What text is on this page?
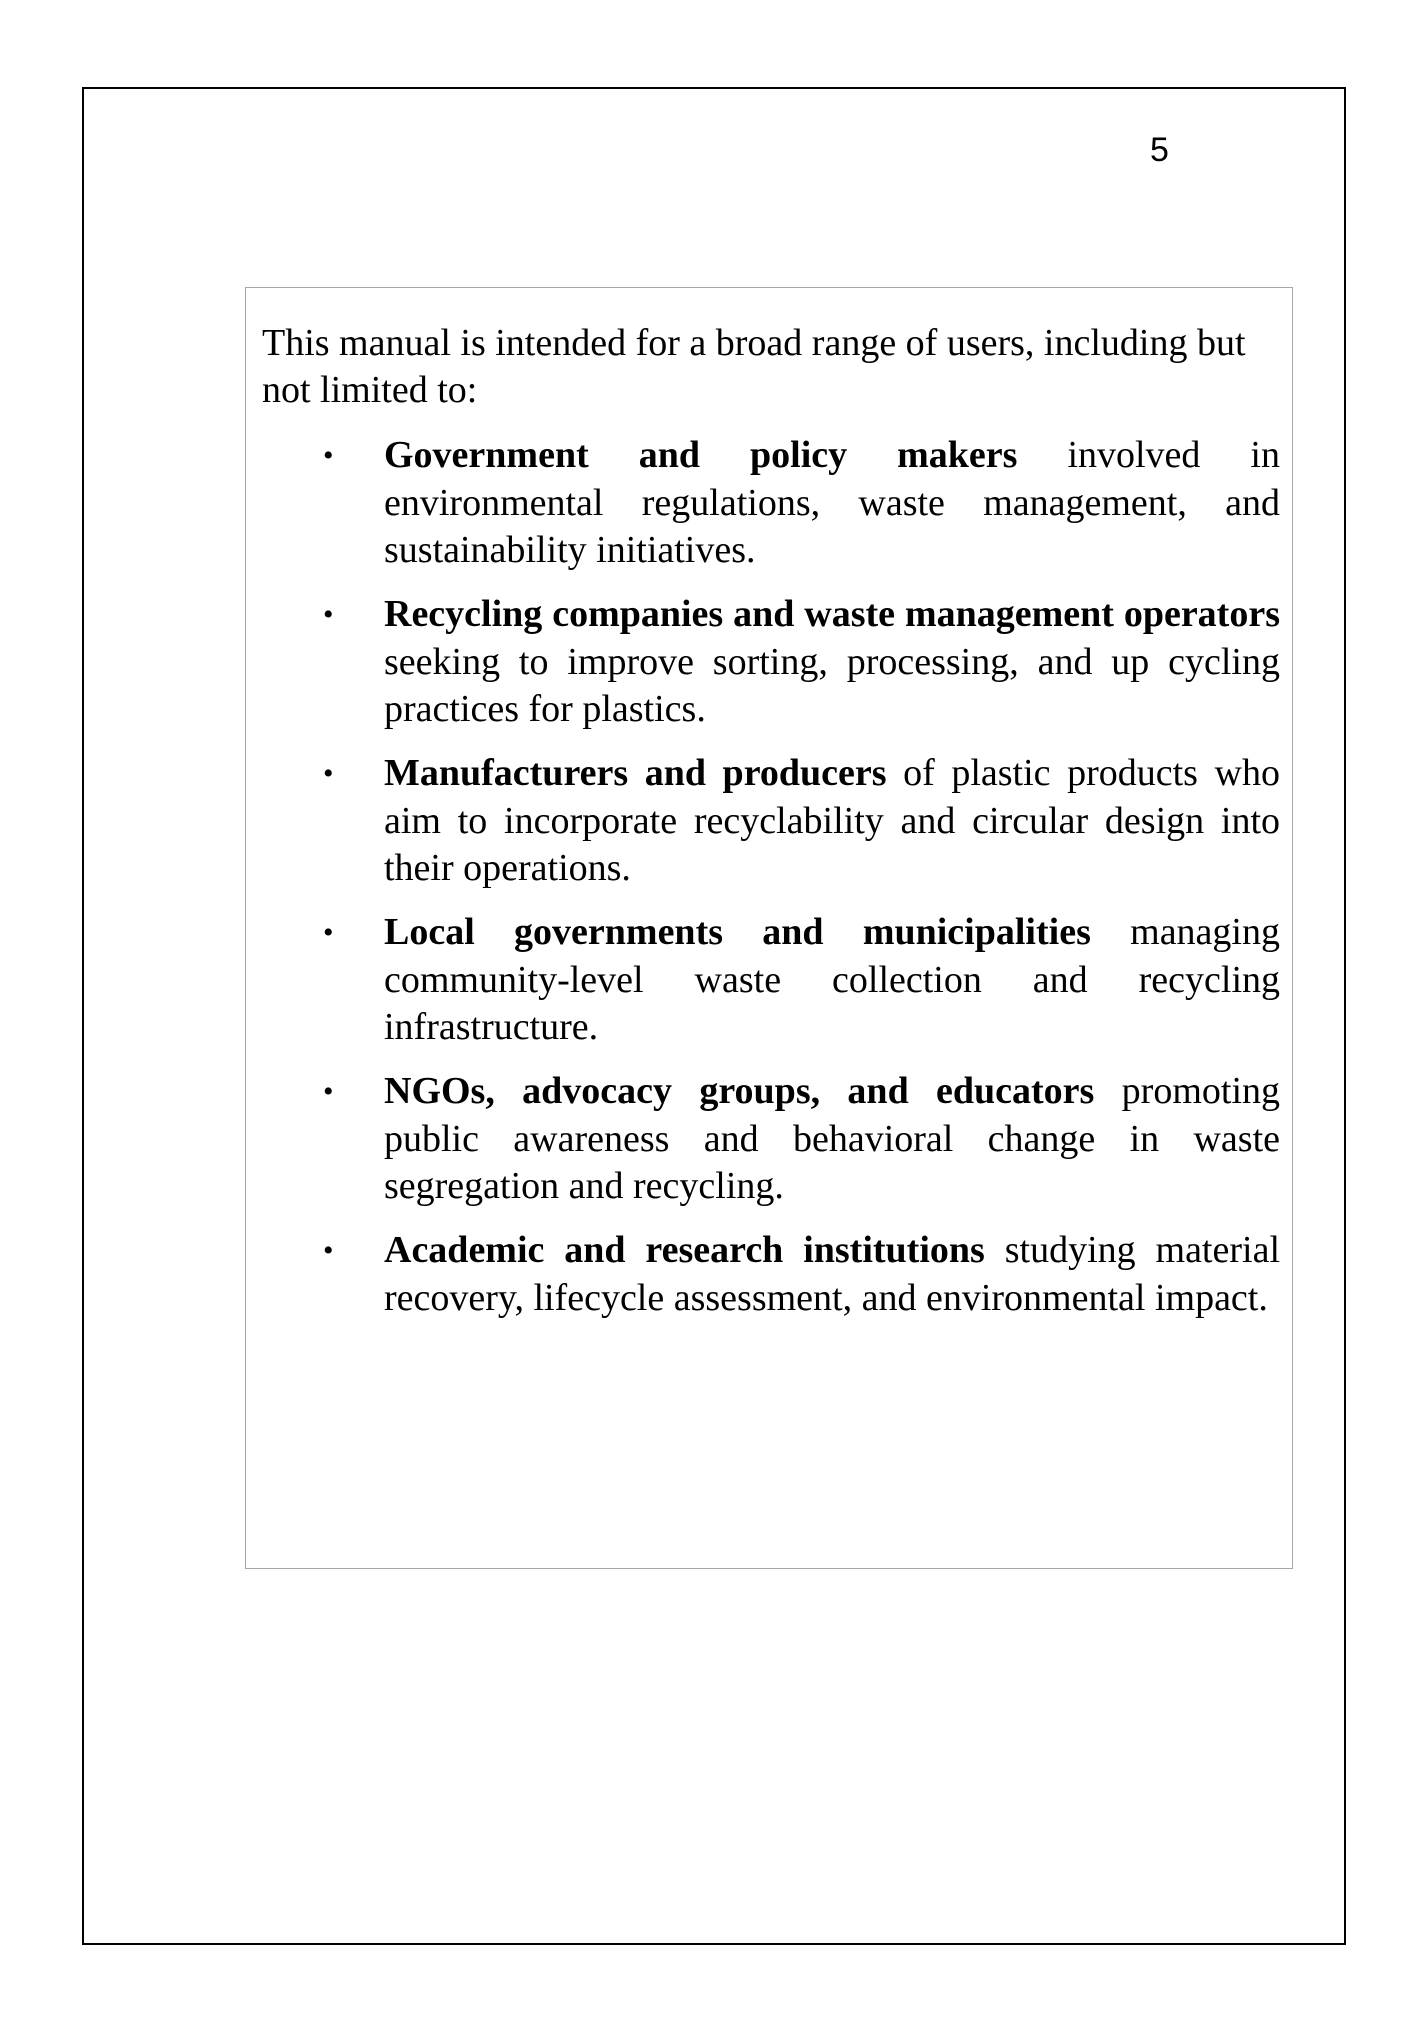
5

This manual is intended for a broad range of users, including but not limited to:

• Government and policy makers involved in environmental regulations, waste management, and sustainability initiatives.
• Recycling companies and waste management operators seeking to improve sorting, processing, and up cycling practices for plastics.
• Manufacturers and producers of plastic products who aim to incorporate recyclability and circular design into their operations.
• Local governments and municipalities managing community-level waste collection and recycling infrastructure.
• NGOs, advocacy groups, and educators promoting public awareness and behavioral change in waste segregation and recycling.
• Academic and research institutions studying material recovery, lifecycle assessment, and environmental impact.
